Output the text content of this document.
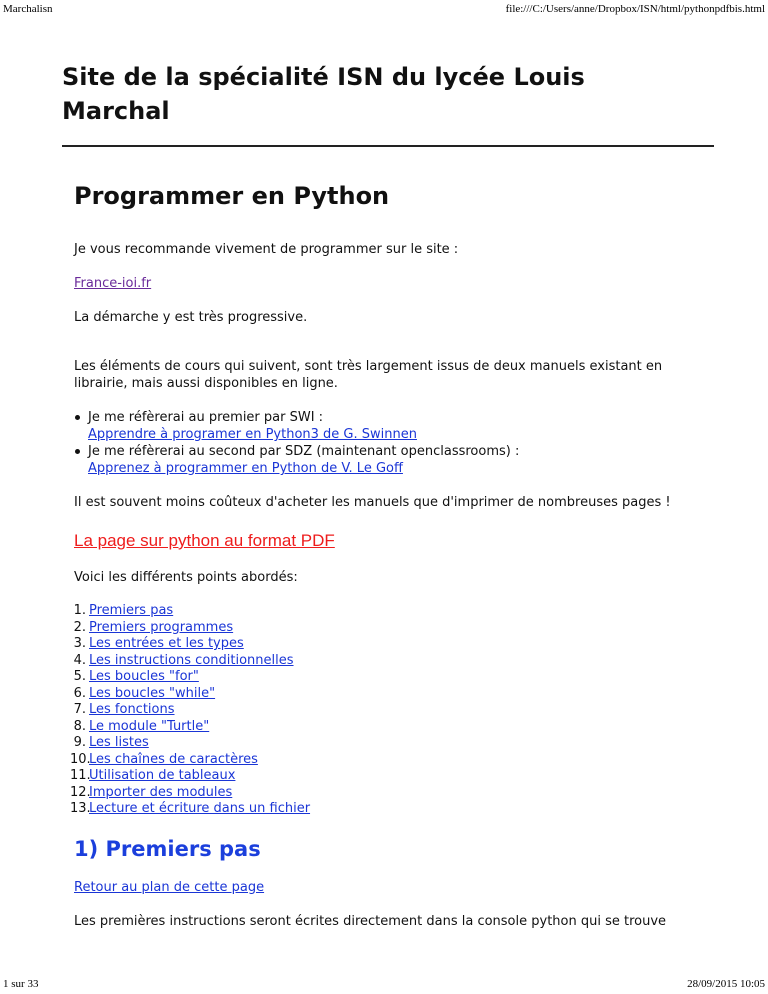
Marchalisn	file:///C:/Users/anne/Dropbox/ISN/html/pythonpdfbis.html
Site de la spécialité ISN du lycée Louis Marchal
Programmer en Python

Je vous recommande vivement de programmer sur le site :

France-ioi.fr

La démarche y est très progressive.

Les éléments de cours qui suivent, sont très largement issus de deux manuels existant en librairie, mais aussi disponibles en ligne.

Je me réfèrerai au premier par SWI :
Apprendre à programer en Python3 de G. Swinnen
Je me réfèrerai au second par SDZ (maintenant openclassrooms) :
Apprenez à programmer en Python de V. Le Goff

Il est souvent moins coûteux d'acheter les manuels que d'imprimer de nombreuses pages !

La page sur python au format PDF

Voici les différents points abordés:

1. Premiers pas
2. Premiers programmes
3. Les entrées et les types
4. Les instructions conditionnelles
5. Les boucles "for"
6. Les boucles "while"
7. Les fonctions
8. Le module "Turtle"
9. Les listes
10.
Les chaînes de caractères
11.
Utilisation de tableaux
12.
Importer des modules
13.
Lecture et écriture dans un fichier
1) Premiers pas

Retour au plan de cette page

Les premières instructions seront écrites directement dans la console python qui se trouve

1 sur 33	28/09/2015 10:05
